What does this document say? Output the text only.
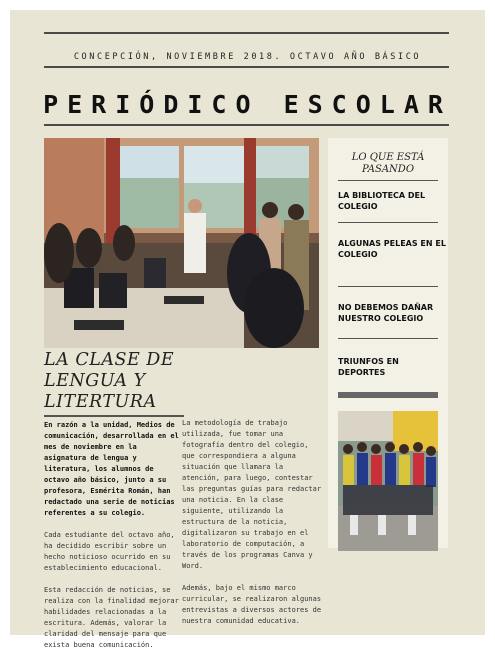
CONCEPCIÓN, NOVIEMBRE 2018. OCTAVO AÑO BÁSICO
PERIÓDICO ESCOLAR
LO QUE ESTÁ PASANDO
LA BIBLIOTECA DEL COLEGIO
ALGUNAS PELEAS EN EL COLEGIO
NO DEBEMOS DAÑAR NUESTRO COLEGIO
TRIUNFOS EN DEPORTES
LA CLASE DE LENGUA Y LITERTURA

En razón a la unidad, Medios de comunicación, desarrollada en el mes de noviembre en la asignatura de lengua y literatura, los alumnos de octavo año básico, junto a su profesora, Esmérita Román, han redactado una serie de noticias referentes a su colegio.

Cada estudiante del octavo año, ha decidido escribir sobre un hecho noticioso ocurrido en su establecimiento educacional.

Esta redacción de noticias, se realiza con la finalidad mejorar habilidades relacionadas a la escritura. Además, valorar la claridad del mensaje para que exista buena comunicación.

La metodología de trabajo utilizada, fue tomar una fotografía dentro del colegio, que correspondiera a alguna situación que llamara la atención, para luego, contestar las preguntas guías para redactar una noticia. En la clase siguiente, utilizando la estructura de la noticia, digitalizaron su trabajo en el laboratorio de computación, a través de los programas Canva y Word.

Además, bajo el mismo marco curricular, se realizaron algunas entrevistas a diversos actores de nuestra comunidad educativa.
